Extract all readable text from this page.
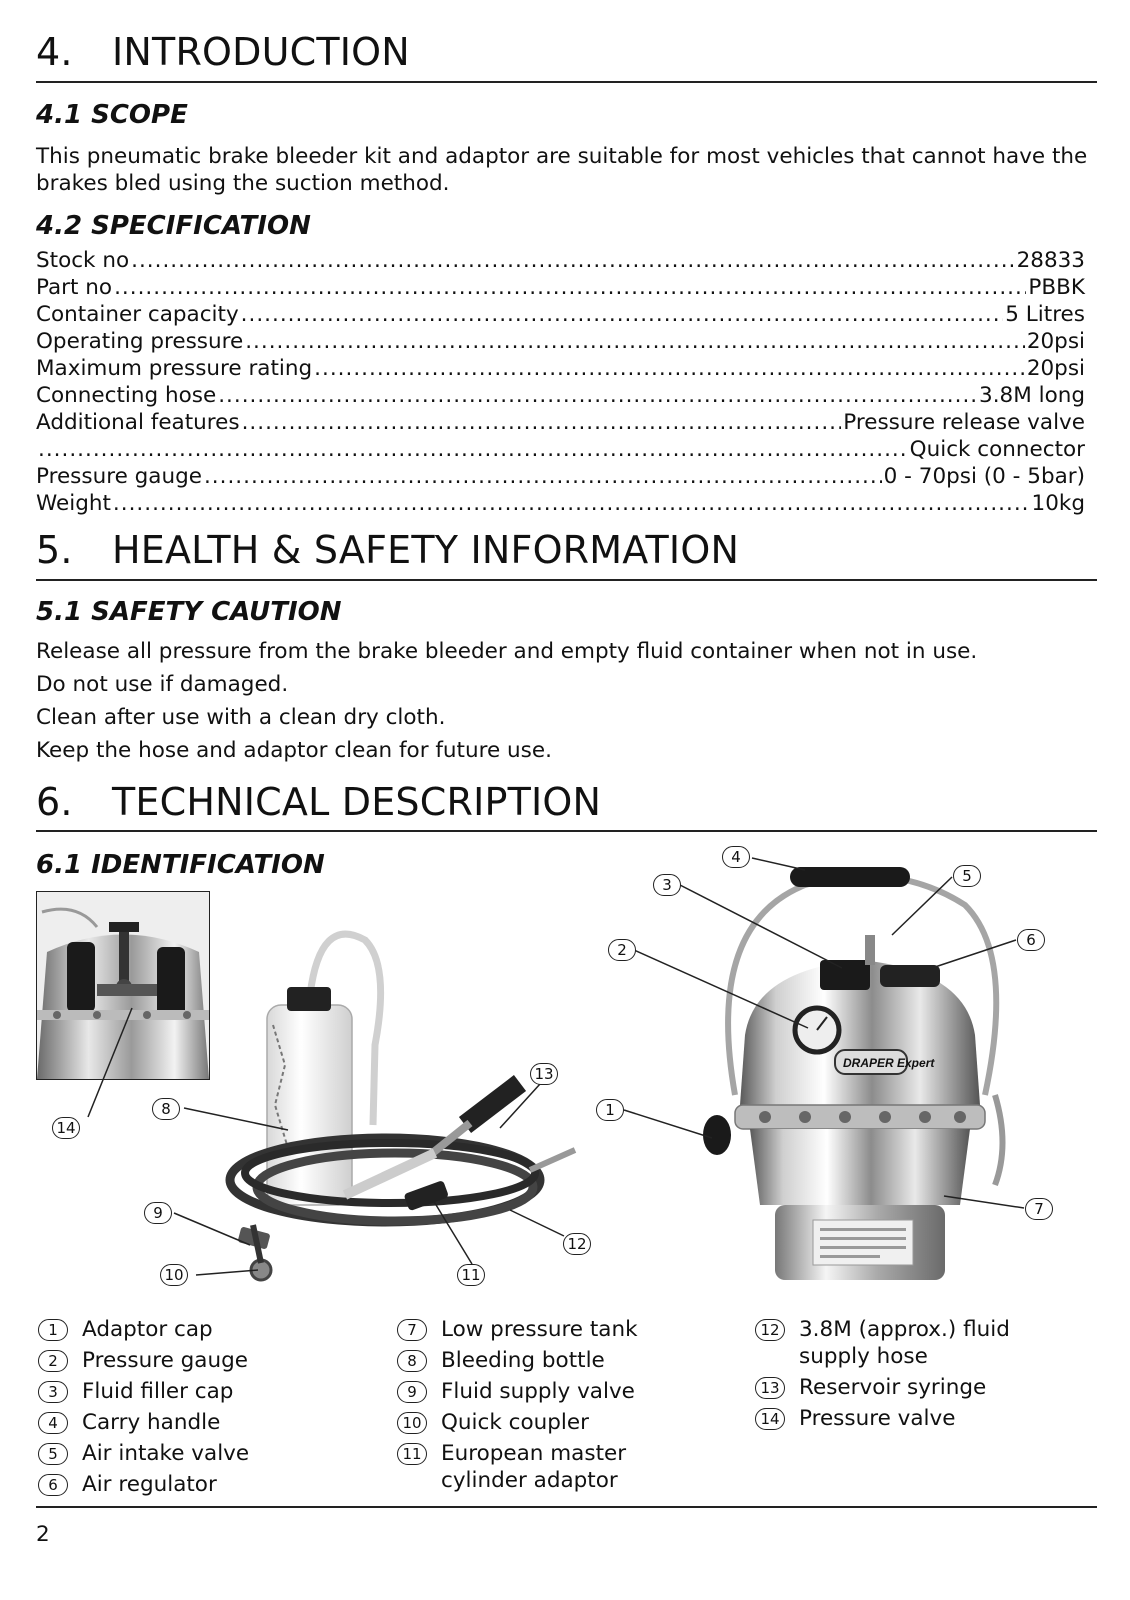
4. INTRODUCTION
4.1 SCOPE
This pneumatic brake bleeder kit and adaptor are suitable for most vehicles that cannot have the brakes bled using the suction method.
4.2 SPECIFICATION
Stock no .....	28833
Part no .....	PBBK
Container capacity .....	5 Litres
Operating pressure .....	20psi
Maximum pressure rating .....	20psi
Connecting hose .....	3.8M long
Additional features .....	Pressure release valve
.....
Quick connector
Pressure gauge .....	0 - 70psi (0 - 5bar)
Weight .....	10kg
5. HEALTH & SAFETY INFORMATION
5.1 SAFETY CAUTION
Release all pressure from the brake bleeder and empty fluid container when not in use.
Do not use if damaged.
Clean after use with a clean dry cloth.
Keep the hose and adaptor clean for future use.
6. TECHNICAL DESCRIPTION
6.1 IDENTIFICATION
DRAPER Expert
14
8
9
10	11
12
13
1
2
3
4
5
6
7
1	Adaptor cap
2	Pressure gauge
3	Fluid filler cap
4	Carry handle
5	Air intake valve
6	Air regulator
7	Low pressure tank
8	Bleeding bottle
9	Fluid supply valve
10 Quick coupler
11 European master cylinder adaptor
12 3.8M (approx.) fluid supply hose
13 Reservoir syringe
14 Pressure valve
2
